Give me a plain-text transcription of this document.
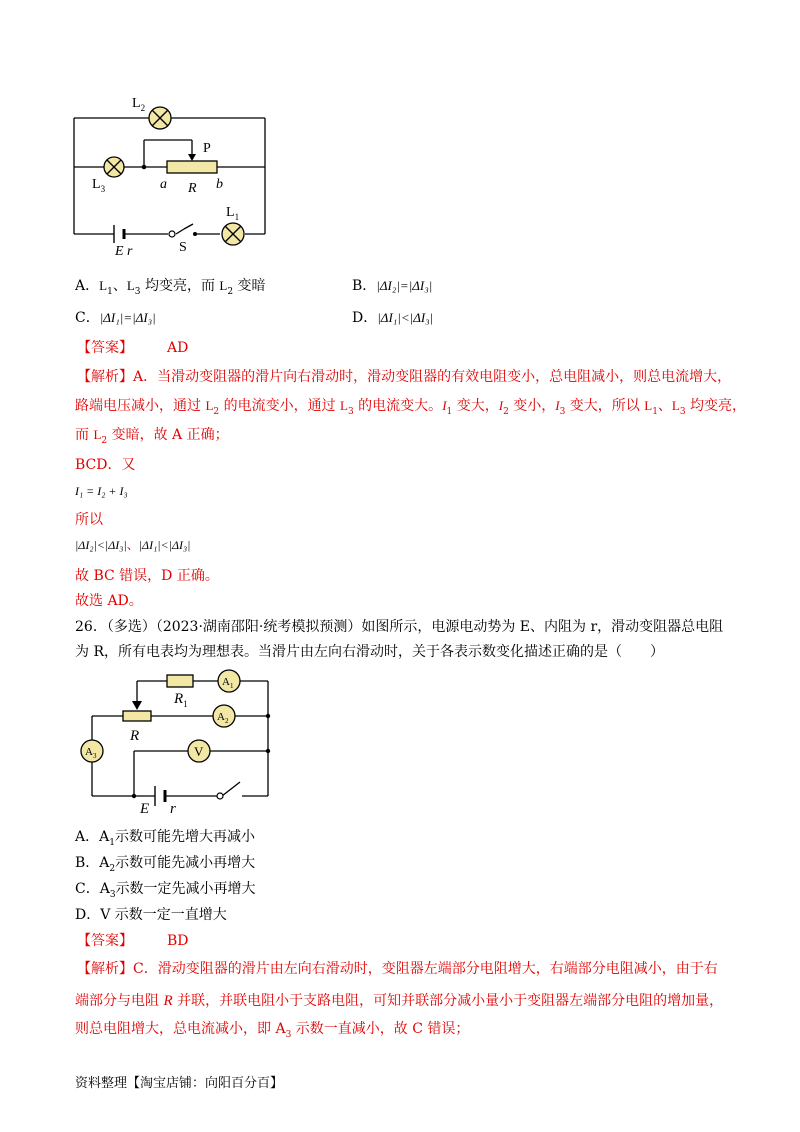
$L_2$
$L_3$
$L_1$
P
a R b
E r	S
A．$L_1$、$L_3$ 均变亮，而 $L_2$ 变暗	B．|ΔI₂|=|ΔI₃|
C．|ΔI₁|=|ΔI₃|	D．|ΔI₁|<|ΔI₃|
【答案】 AD
【解析】A．当滑动变阻器的滑片向右滑动时，滑动变阻器的有效电阻变小，总电阻减小，则总电流增大，
路端电压减小，通过 $L_2$ 的电流变小，通过 $L_3$ 的电流变大。$I_1$ 变大，$I_2$ 变小，$I_3$ 变大，所以 $L_1$、$L_3$ 均变亮，
而 $L_2$ 变暗，故 A 正确；
BCD．又
I₁ = I₂ + I₃
所以
|ΔI₂|<|ΔI₃|、|ΔI₁|<|ΔI₃|
故 BC 错误，D 正确。
故选 AD。
26．（多选）（2023·湖南邵阳·统考模拟预测）如图所示，电源电动势为 E、内阻为 r，滑动变阻器总电阻
为 R，所有电表均为理想表。当滑片由左向右滑动时，关于各表示数变化描述正确的是（　　）
$A_1$
$A_2$
$A_3$	V
$R_1$
R
E r
A．$A_1$示数可能先增大再减小
B．$A_2$示数可能先减小再增大
C．$A_3$示数一定先减小再增大
D．V 示数一定一直增大
【答案】 BD
【解析】C．滑动变阻器的滑片由左向右滑动时，变阻器左端部分电阻增大，右端部分电阻减小，由于右
端部分与电阻 R 并联，并联电阻小于支路电阻，可知并联部分减小量小于变阻器左端部分电阻的增加量，
则总电阻增大，总电流减小，即 $A_3$ 示数一直减小，故 C 错误；
资料整理【淘宝店铺：向阳百分百】
